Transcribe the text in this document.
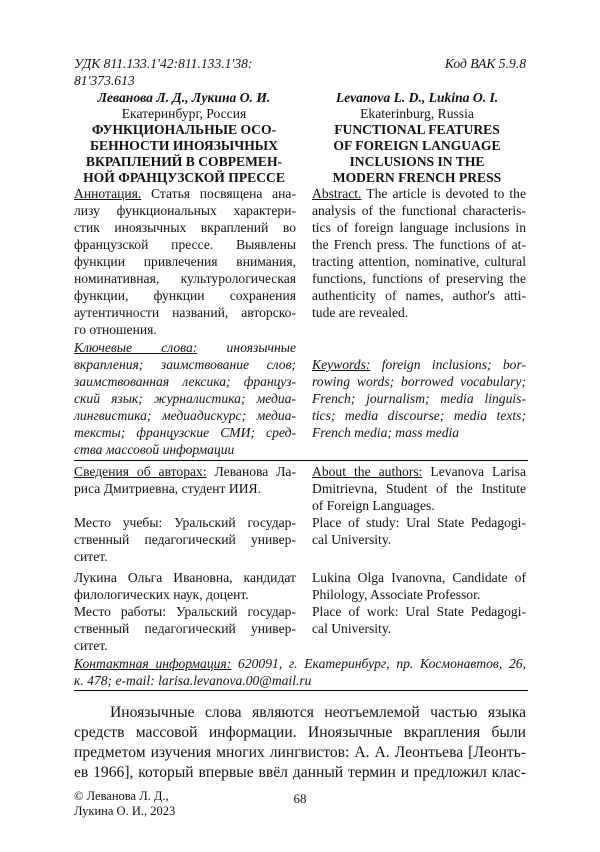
УДК 811.133.1'42:811.133.1'38:
81'373.613
Код ВАК 5.9.8
Леванова Л. Д., Лукина О. И.
Екатеринбург, Россия
ФУНКЦИОНАЛЬНЫЕ ОСО-
БЕННОСТИ ИНОЯЗЫЧНЫХ
ВКРАПЛЕНИЙ В СОВРЕМЕН-
НОЙ ФРАНЦУЗСКОЙ ПРЕССЕ
Аннотация. Статья посвящена ана-
лизу функциональных характери-
стик иноязычных вкраплений во
французской прессе. Выявлены
функции привлечения внимания,
номинативная, культурологическая
функции, функции сохранения
аутентичности названий, авторско-
го отношения.
Ключевые слова: иноязычные
вкрапления; заимствование слов;
заимствованная лексика; француз-
ский язык; журналистика; медиа-
лингвистика; медиадискурс; медиа-
тексты; французские СМИ; сред-
ства массовой информации
Levanova L. D., Lukina O. I.
Ekaterinburg, Russia
FUNCTIONAL FEATURES
OF FOREIGN LANGUAGE
INCLUSIONS IN THE
MODERN FRENCH PRESS
Abstract. The article is devoted to the
analysis of the functional characteris-
tics of foreign language inclusions in
the French press. The functions of at-
tracting attention, nominative, cultural
functions, functions of preserving the
authenticity of names, author's atti-
tude are revealed.
Keywords: foreign inclusions; bor-
rowing words; borrowed vocabulary;
French; journalism; media linguis-
tics; media discourse; media texts;
French media; mass media
Сведения об авторах: Леванова Ла-
риса Дмитриевна, студент ИИЯ.
Место учебы: Уральский государ-
ственный педагогический универ-
ситет.
Лукина Ольга Ивановна, кандидат
филологических наук, доцент.
Место работы: Уральский государ-
ственный педагогический универ-
ситет.
About the authors: Levanova Larisa
Dmitrievna, Student of the Institute
of Foreign Languages.
Place of study: Ural State Pedagogi-
cal University.
Lukina Olga Ivanovna, Candidate of
Philology, Associate Professor.
Place of work: Ural State Pedagogi-
cal University.
Контактная информация: 620091, г. Екатеринбург, пр. Космонавтов, 26,
к. 478; e-mail: larisa.levanova.00@mail.ru
Иноязычные слова являются неотъемлемой частью языка
средств массовой информации. Иноязычные вкрапления были
предметом изучения многих лингвистов: А. А. Леонтьева [Леонть-
ев 1966], который впервые ввёл данный термин и предложил клас-
© Леванова Л. Д.,
Лукина О. И., 2023
68
